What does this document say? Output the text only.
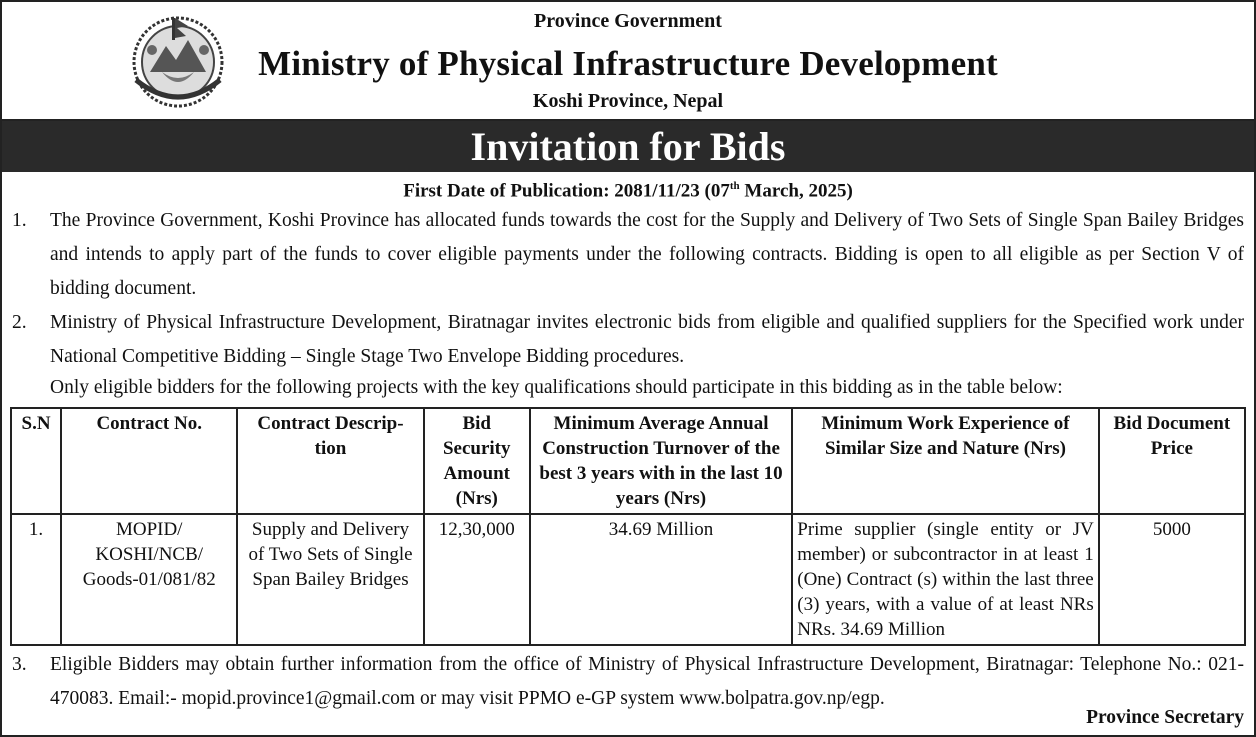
Province Government
Ministry of Physical Infrastructure Development
Koshi Province, Nepal
Invitation for Bids
First Date of Publication: 2081/11/23 (07th March, 2025)
1. The Province Government, Koshi Province has allocated funds towards the cost for the Supply and Delivery of Two Sets of Single Span Bailey Bridges and intends to apply part of the funds to cover eligible payments under the following contracts. Bidding is open to all eligible as per Section V of bidding document.
2. Ministry of Physical Infrastructure Development, Biratnagar invites electronic bids from eligible and qualified suppliers for the Specified work under National Competitive Bidding – Single Stage Two Envelope Bidding procedures.
Only eligible bidders for the following projects with the key qualifications should participate in this bidding as in the table below:
S.N	Contract No.	Contract Descrip-tion	Bid Security Amount (Nrs)	Minimum Average Annual Construction Turnover of the best 3 years with in the last 10 years (Nrs)	Minimum Work Experience of Similar Size and Nature (Nrs)	Bid Document Price
1.	MOPID/ KOSHI/NCB/ Goods-01/081/82	Supply and Delivery of Two Sets of Single Span Bailey Bridges	12,30,000	34.69 Million	Prime supplier (single entity or JV member) or subcontractor in at least 1 (One) Contract (s) within the last three (3) years, with a value of at least NRs NRs. 34.69 Million	5000
3. Eligible Bidders may obtain further information from the office of Ministry of Physical Infrastructure Development, Biratnagar: Telephone No.: 021-470083. Email:- mopid.province1@gmail.com or may visit PPMO e-GP system www.bolpatra.gov.np/egp.
Province Secretary
